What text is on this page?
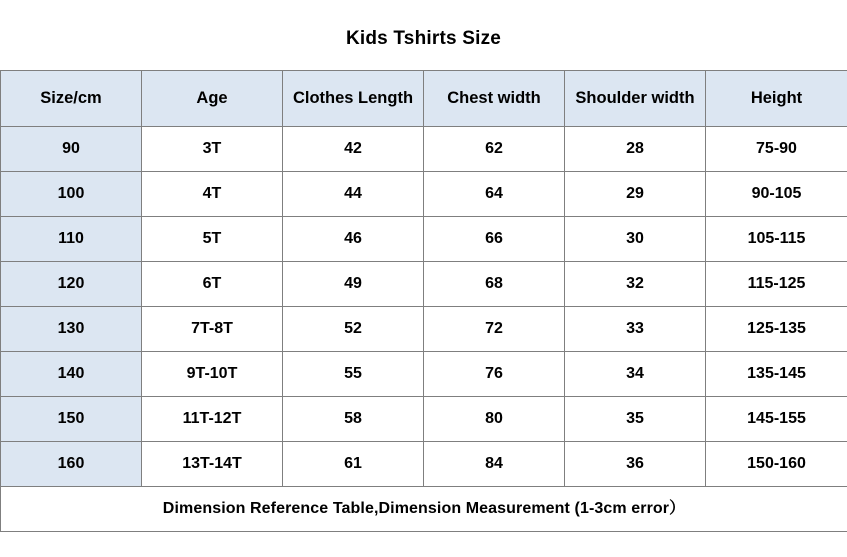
Kids Tshirts Size
Size/cm	Age	Clothes Length	Chest width	Shoulder width	Height
90	3T	42	62	28	75-90
100	4T	44	64	29	90-105
110	5T	46	66	30	105-115
120	6T	49	68	32	115-125
130	7T-8T	52	72	33	125-135
140	9T-10T	55	76	34	135-145
150	11T-12T	58	80	35	145-155
160	13T-14T	61	84	36	150-160
Dimension Reference Table,Dimension Measurement (1-3cm error）					
